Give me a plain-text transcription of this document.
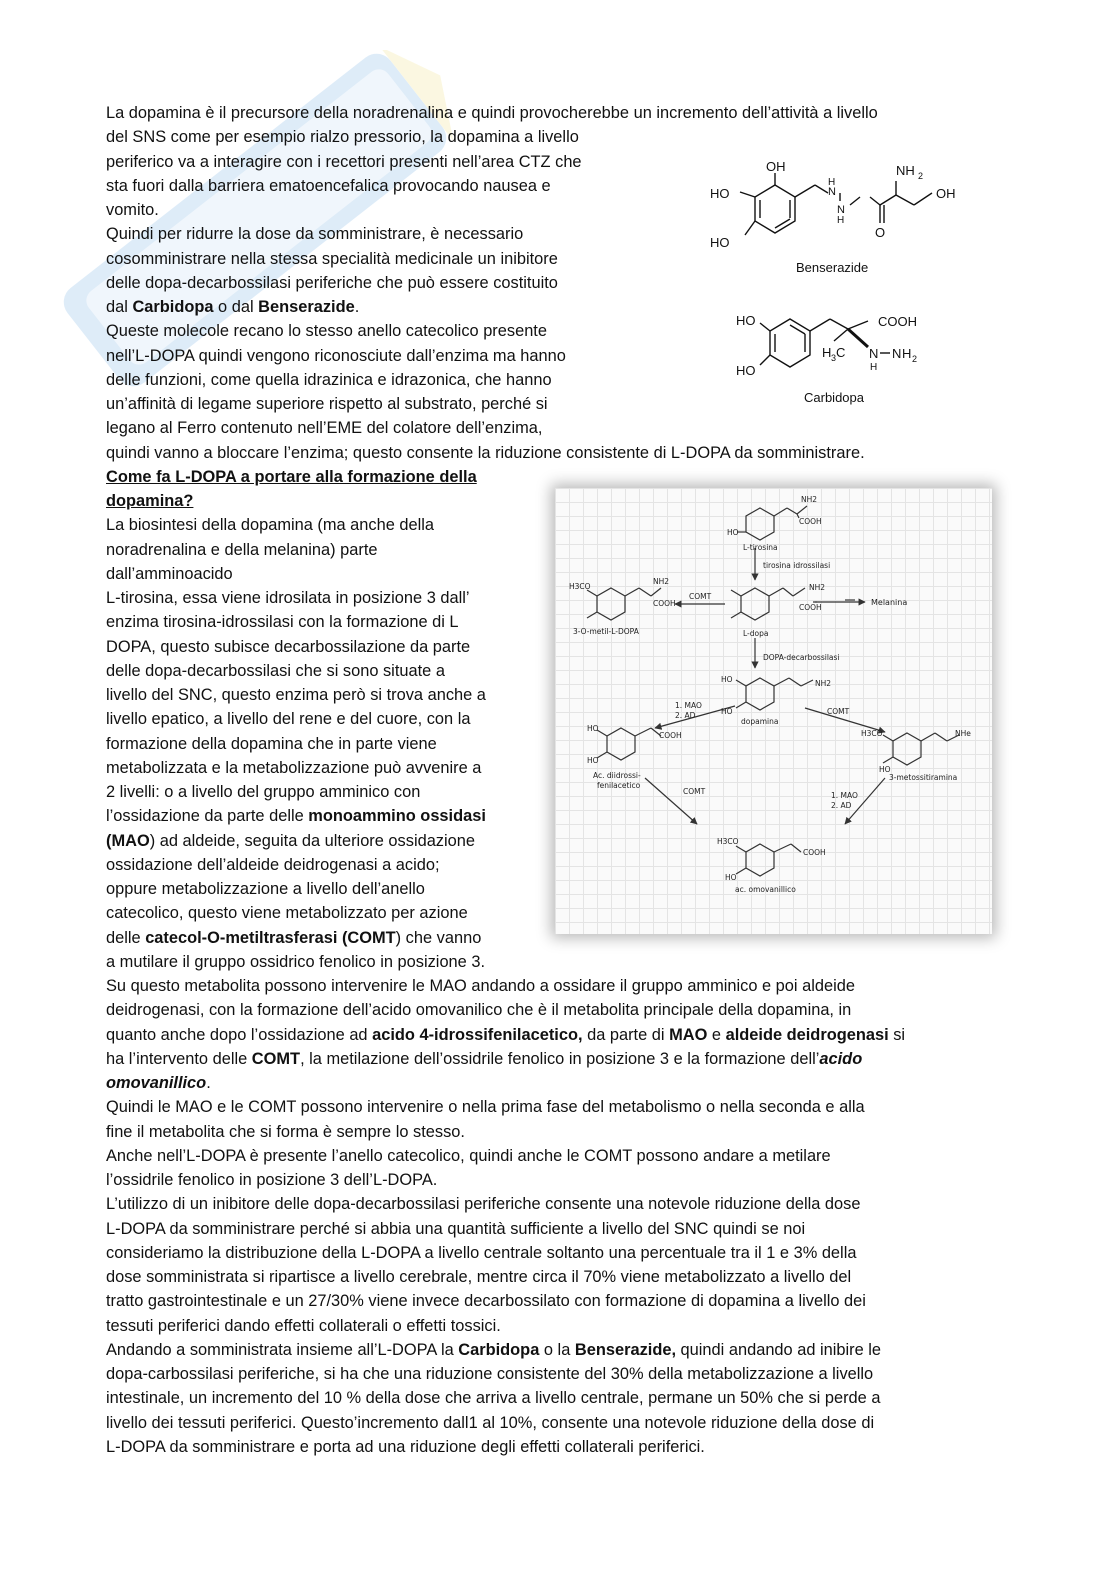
La dopamina è il precursore della noradrenalina e quindi provocherebbe un incremento dell’attività a livello
del SNS come per esempio rialzo pressorio, la dopamina a livello
periferico va a interagire con i recettori presenti nell’area CTZ che
sta fuori dalla barriera ematoencefalica provocando nausea e
vomito.
Quindi per ridurre la dose da somministrare, è necessario
cosomministrare nella stessa specialità medicinale un inibitore
delle dopa-decarbossilasi periferiche che può essere costituito
dal Carbidopa o dal Benserazide.
Queste molecole recano lo stesso anello catecolico presente
nell’L-DOPA quindi vengono riconosciute dall’enzima ma hanno
delle funzioni, come quella idrazinica e idrazonica, che hanno
un’affinità di legame superiore rispetto al substrato, perché si
legano al Ferro contenuto nell’EME del colatore dell’enzima,
quindi vanno a bloccare l’enzima; questo consente la riduzione consistente di L-DOPA da somministrare.
Come fa L-DOPA a portare alla formazione della
dopamina?
La biosintesi della dopamina (ma anche della
noradrenalina e della melanina) parte
dall’amminoacido
L-tirosina, essa viene idrosilata in posizione 3 dall’
enzima tirosina-idrossilasi con la formazione di L
DOPA, questo subisce decarbossilazione da parte
delle dopa-decarbossilasi che si sono situate a
livello del SNC, questo enzima però si trova anche a
livello epatico, a livello del rene e del cuore, con la
formazione della dopamina che in parte viene
metabolizzata e la metabolizzazione può avvenire a
2 livelli: o a livello del gruppo amminico con
l’ossidazione da parte delle monoammino ossidasi
(MAO) ad aldeide, seguita da ulteriore ossidazione
ossidazione dell’aldeide deidrogenasi a acido;
oppure metabolizzazione a livello dell’anello
catecolico, questo viene metabolizzato per azione
delle catecol-O-metiltrasferasi (COMT) che vanno
a mutilare il gruppo ossidrico fenolico in posizione 3.
Su questo metabolita possono intervenire le MAO andando a ossidare il gruppo amminico e poi aldeide
deidrogenasi, con la formazione dell’acido omovanilico che è il metabolita principale della dopamina, in
quanto anche dopo l’ossidazione ad acido 4-idrossifenilacetico, da parte di MAO e aldeide deidrogenasi si
ha l’intervento delle COMT, la metilazione dell’ossidrile fenolico in posizione 3 e la formazione dell’acido
omovanillico.
Quindi le MAO e le COMT possono intervenire o nella prima fase del metabolismo o nella seconda e alla
fine il metabolita che si forma è sempre lo stesso.
Anche nell’L-DOPA è presente l’anello catecolico, quindi anche le COMT possono andare a metilare
l’ossidrile fenolico in posizione 3 dell’L-DOPA.
L’utilizzo di un inibitore delle dopa-decarbossilasi periferiche consente una notevole riduzione della dose
L-DOPA da somministrare perché si abbia una quantità sufficiente a livello del SNC quindi se noi
consideriamo la distribuzione della L-DOPA a livello centrale soltanto una percentuale tra il 1 e 3% della
dose somministrata si ripartisce a livello cerebrale, mentre circa il 70% viene metabolizzato a livello del
tratto gastrointestinale e un 27/30% viene invece decarbossilato con formazione di dopamina a livello dei
tessuti periferici dando effetti collaterali o effetti tossici.
Andando a somministrata insieme all’L-DOPA la Carbidopa o la Benserazide, quindi andando ad inibire le
dopa-carbossilasi periferiche, si ha che una riduzione consistente del 30% della metabolizzazione a livello
intestinale, un incremento del 10 % della dose che arriva a livello centrale, permane un 50% che si perde a
livello dei tessuti periferici. Questo’incremento dall1 al 10%, consente una notevole riduzione della dose di
L-DOPA da somministrare e porta ad una riduzione degli effetti collaterali periferici.
OH
HO
HO
N
H
N
H
NH 2
O
OH
Benserazide
HO
HO
COOH
H 3 C N
H
N H 2
Carbidopa
NH2
COOH
HO
L-tirosina
tirosina idrossilasi
NH2
COOH
Melanina
COMT
H3CO
NH2
COOH
3-O-metil-L-DOPA	L-dopa
DOPA-decarbossilasi
HO
HO
NH2
dopamina
1. MAO
2. AD	COMT
HO
HO
COOH
Ac. diidrossi-
fenilacetico
H3CO
HO
NHe
3-metossitiramina
COMT	1. MAO
2. AD
H3CO
COOH
HO
ac. omovanillico
